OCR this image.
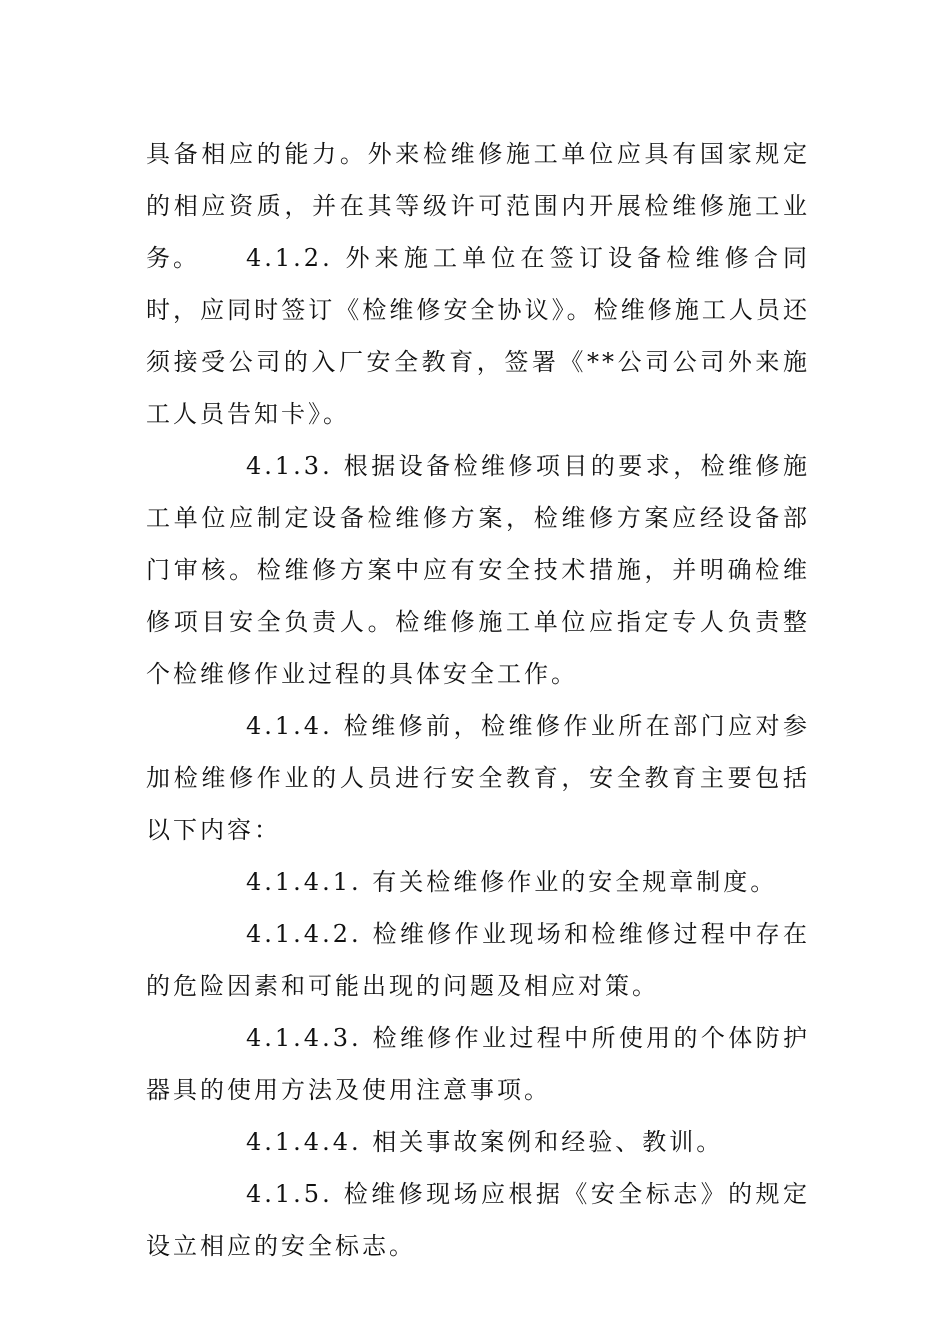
具备相应的能力。外来检维修施工单位应具有国家规定的相应资质，并在其等级许可范围内开展检维修施工业务。	4.1.2. 外来施工单位在签订设备检维修合同时，应同时签订《检维修安全协议》。检维修施工人员还须接受公司的入厂安全教育，签署《**公司公司外来施工人员告知卡》。

4.1.3. 根据设备检维修项目的要求，检维修施工单位应制定设备检维修方案，检维修方案应经设备部门审核。检维修方案中应有安全技术措施，并明确检维修项目安全负责人。检维修施工单位应指定专人负责整个检维修作业过程的具体安全工作。

4.1.4. 检维修前，检维修作业所在部门应对参加检维修作业的人员进行安全教育，安全教育主要包括以下内容：

4.1.4.1. 有关检维修作业的安全规章制度。

4.1.4.2. 检维修作业现场和检维修过程中存在的危险因素和可能出现的问题及相应对策。

4.1.4.3. 检维修作业过程中所使用的个体防护器具的使用方法及使用注意事项。

4.1.4.4. 相关事故案例和经验、教训。

4.1.5. 检维修现场应根据《安全标志》的规定设立相应的安全标志。
